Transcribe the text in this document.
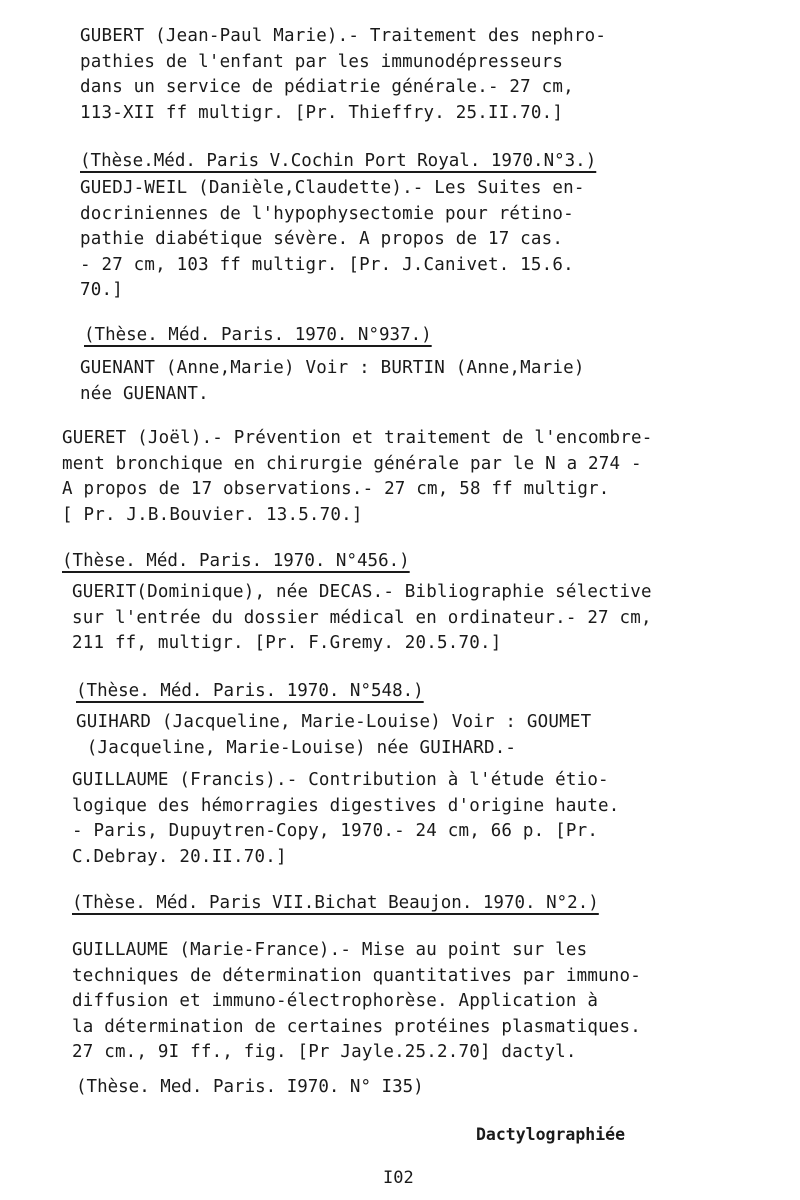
GUBERT (Jean-Paul Marie).- Traitement des nephro-
pathies de l'enfant par les immunodépresseurs
dans un service de pédiatrie générale.- 27 cm,
113-XII ff multigr. [Pr. Thieffry. 25.II.70.]
(Thèse.Méd. Paris V.Cochin Port Royal. 1970.N°3.)
GUEDJ-WEIL (Danièle,Claudette).- Les Suites en-
docriniennes de l'hypophysectomie pour rétino-
pathie diabétique sévère. A propos de 17 cas.
- 27 cm, 103 ff multigr. [Pr. J.Canivet. 15.6.
70.]
(Thèse. Méd. Paris. 1970. N°937.)
GUENANT (Anne,Marie) Voir : BURTIN (Anne,Marie)
née GUENANT.
GUERET (Joël).- Prévention et traitement de l'encombre-
ment bronchique en chirurgie générale par le N a 274 -
A propos de 17 observations.- 27 cm, 58 ff multigr.
[ Pr. J.B.Bouvier. 13.5.70.]
(Thèse. Méd. Paris. 1970. N°456.)
GUERIT(Dominique), née DECAS.- Bibliographie sélective
sur l'entrée du dossier médical en ordinateur.- 27 cm,
211 ff, multigr. [Pr. F.Gremy. 20.5.70.]
(Thèse. Méd. Paris. 1970. N°548.)
GUIHARD (Jacqueline, Marie-Louise) Voir : GOUMET
(Jacqueline, Marie-Louise) née GUIHARD.-
GUILLAUME (Francis).- Contribution à l'étude étio-
logique des hémorragies digestives d'origine haute.
- Paris, Dupuytren-Copy, 1970.- 24 cm, 66 p. [Pr.
C.Debray. 20.II.70.]
(Thèse. Méd. Paris VII.Bichat Beaujon. 1970. N°2.)
GUILLAUME (Marie-France).- Mise au point sur les
techniques de détermination quantitatives par immuno-
diffusion et immuno-électrophorèse. Application à
la détermination de certaines protéines plasmatiques.
27 cm., 9I ff., fig. [Pr Jayle.25.2.70] dactyl.
(Thèse. Med. Paris. I970. N° I35)
Dactylographiée
I02
